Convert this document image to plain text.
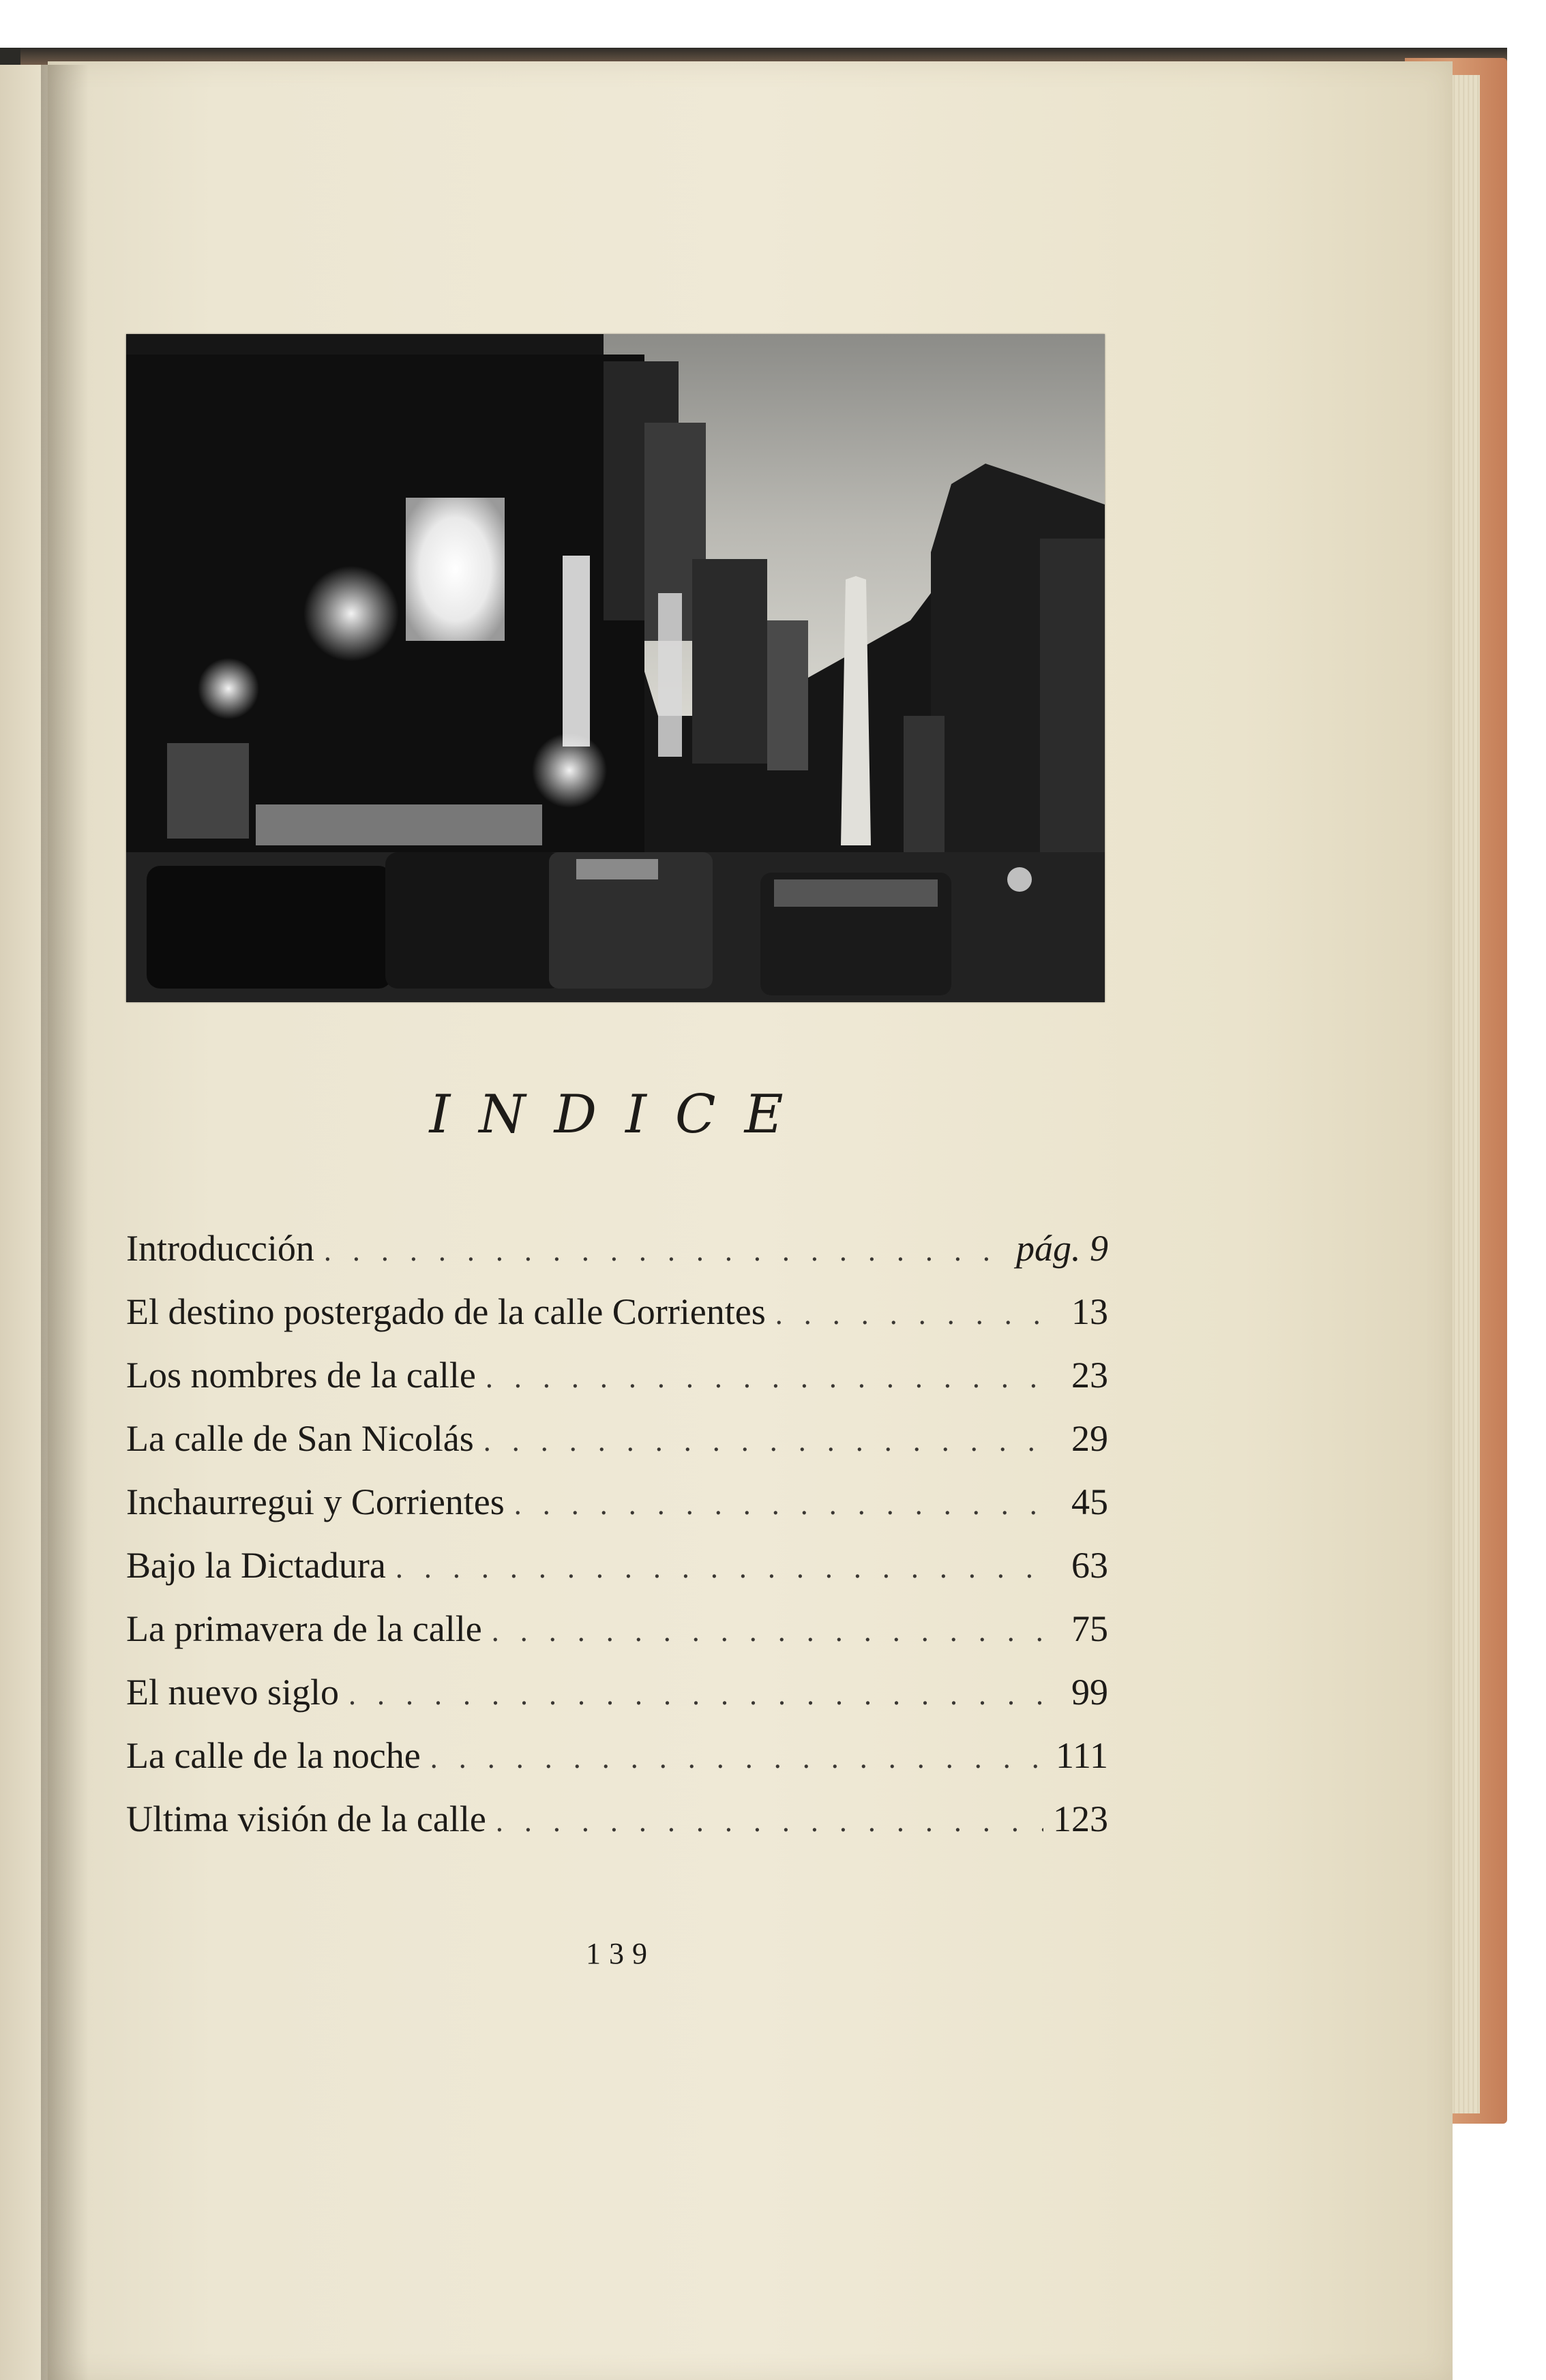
INDICE
Introducción . . .	pág. 9
El destino postergado de la calle Corrientes . . .	13
Los nombres de la calle . . .	23
La calle de San Nicolás . . .	29
Inchaurregui y Corrientes . . .	45
Bajo la Dictadura . . .	63
La primavera de la calle . . .	75
El nuevo siglo . . .	99
La calle de la noche . . .	111
Ultima visión de la calle . . .	123
139
